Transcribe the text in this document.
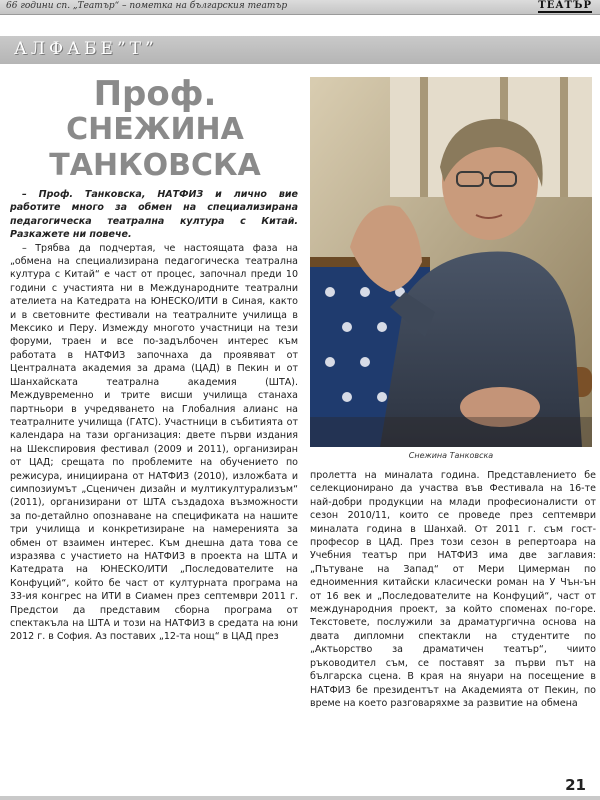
66 години сп. „Театър“ – пометка на българския театър	ТЕАТЪР
АЛФАБЕ”Т”
Проф.
СНЕЖИНА
ТАНКОВСКА
Снежина Танковска

– Проф. Танковска, НАТФИЗ и лично вие работите много за обмен на специализирана педагогическа театрална култура с Китай. Разкажете ни повече.

– Трябва да подчертая, че настоящата фаза на „обмена на специализирана педагогическа театрална култура с Китай“ е част от процес, започнал преди 10 години с участията ни в Международните театрални ателиета на Катедрата на ЮНЕСКО/ИТИ в Синая, както и в световните фестивали на театралните училища в Мексико и Перу. Измежду многото участници на тези форуми, траен и все по-задълбочен интерес към работата в НАТФИЗ започнаха да проявяват от Централната академия за драма (ЦАД) в Пекин и от Шанхайската театрална академия (ШТА). Междувременно и трите висши училища станаха партньори в учредяването на Глобалния алианс на театралните училища (ГАТС). Участници в събитията от календара на тази организация: двете първи издания на Шекспировия фестивал (2009 и 2011), организиран от ЦАД; срещата по проблемите на обучението по режисура, инициирана от НАТФИЗ (2010), изложбата и симпозиумът „Сценичен дизайн и мултикултурализъм“ (2011), организирани от ШТА създадоха възможности за по-детайлно опознаване на спецификата на нашите три училища и конкретизиране на намеренията за обмен от взаимен интерес. Към днешна дата това се изразява с участието на НАТФИЗ в проекта на ШТА и Катедрата на ЮНЕСКО/ИТИ „Последователите на Конфуций“, който бе част от културната програма на 33-ия конгрес на ИТИ в Сиамен през септември 2011 г. Предстои да представим сборна програма от спектакъла на ШТА и този на НАТФИЗ в средата на юни 2012 г. в София. Аз поставих „12-та нощ“ в ЦАД през

пролетта на миналата година. Представлението бе селекционирано да участва във Фестивала на 16-те най-добри продукции на млади професионалисти от сезон 2010/11, които се проведе през септември миналата година в Шанхай. От 2011 г. съм гост-професор в ЦАД. През този сезон в репертоара на Учебния театър при НАТФИЗ има две заглавия: „Пътуване на Запад“ от Мери Цимерман по едноименния китайски класически роман на У Чън-ън от 16 век и „Последователите на Конфуций“, част от международния проект, за който споменах по-горе. Текстовете, послужили за драматургична основа на двата дипломни спектакли на студентите по „Актьорство за драматичен театър“, чиито ръководител съм, се поставят за първи път на българска сцена. В края на януари на посещение в НАТФИЗ бе президентът на Академията от Пекин, по време на което разговаряхме за развитие на обмена

21
